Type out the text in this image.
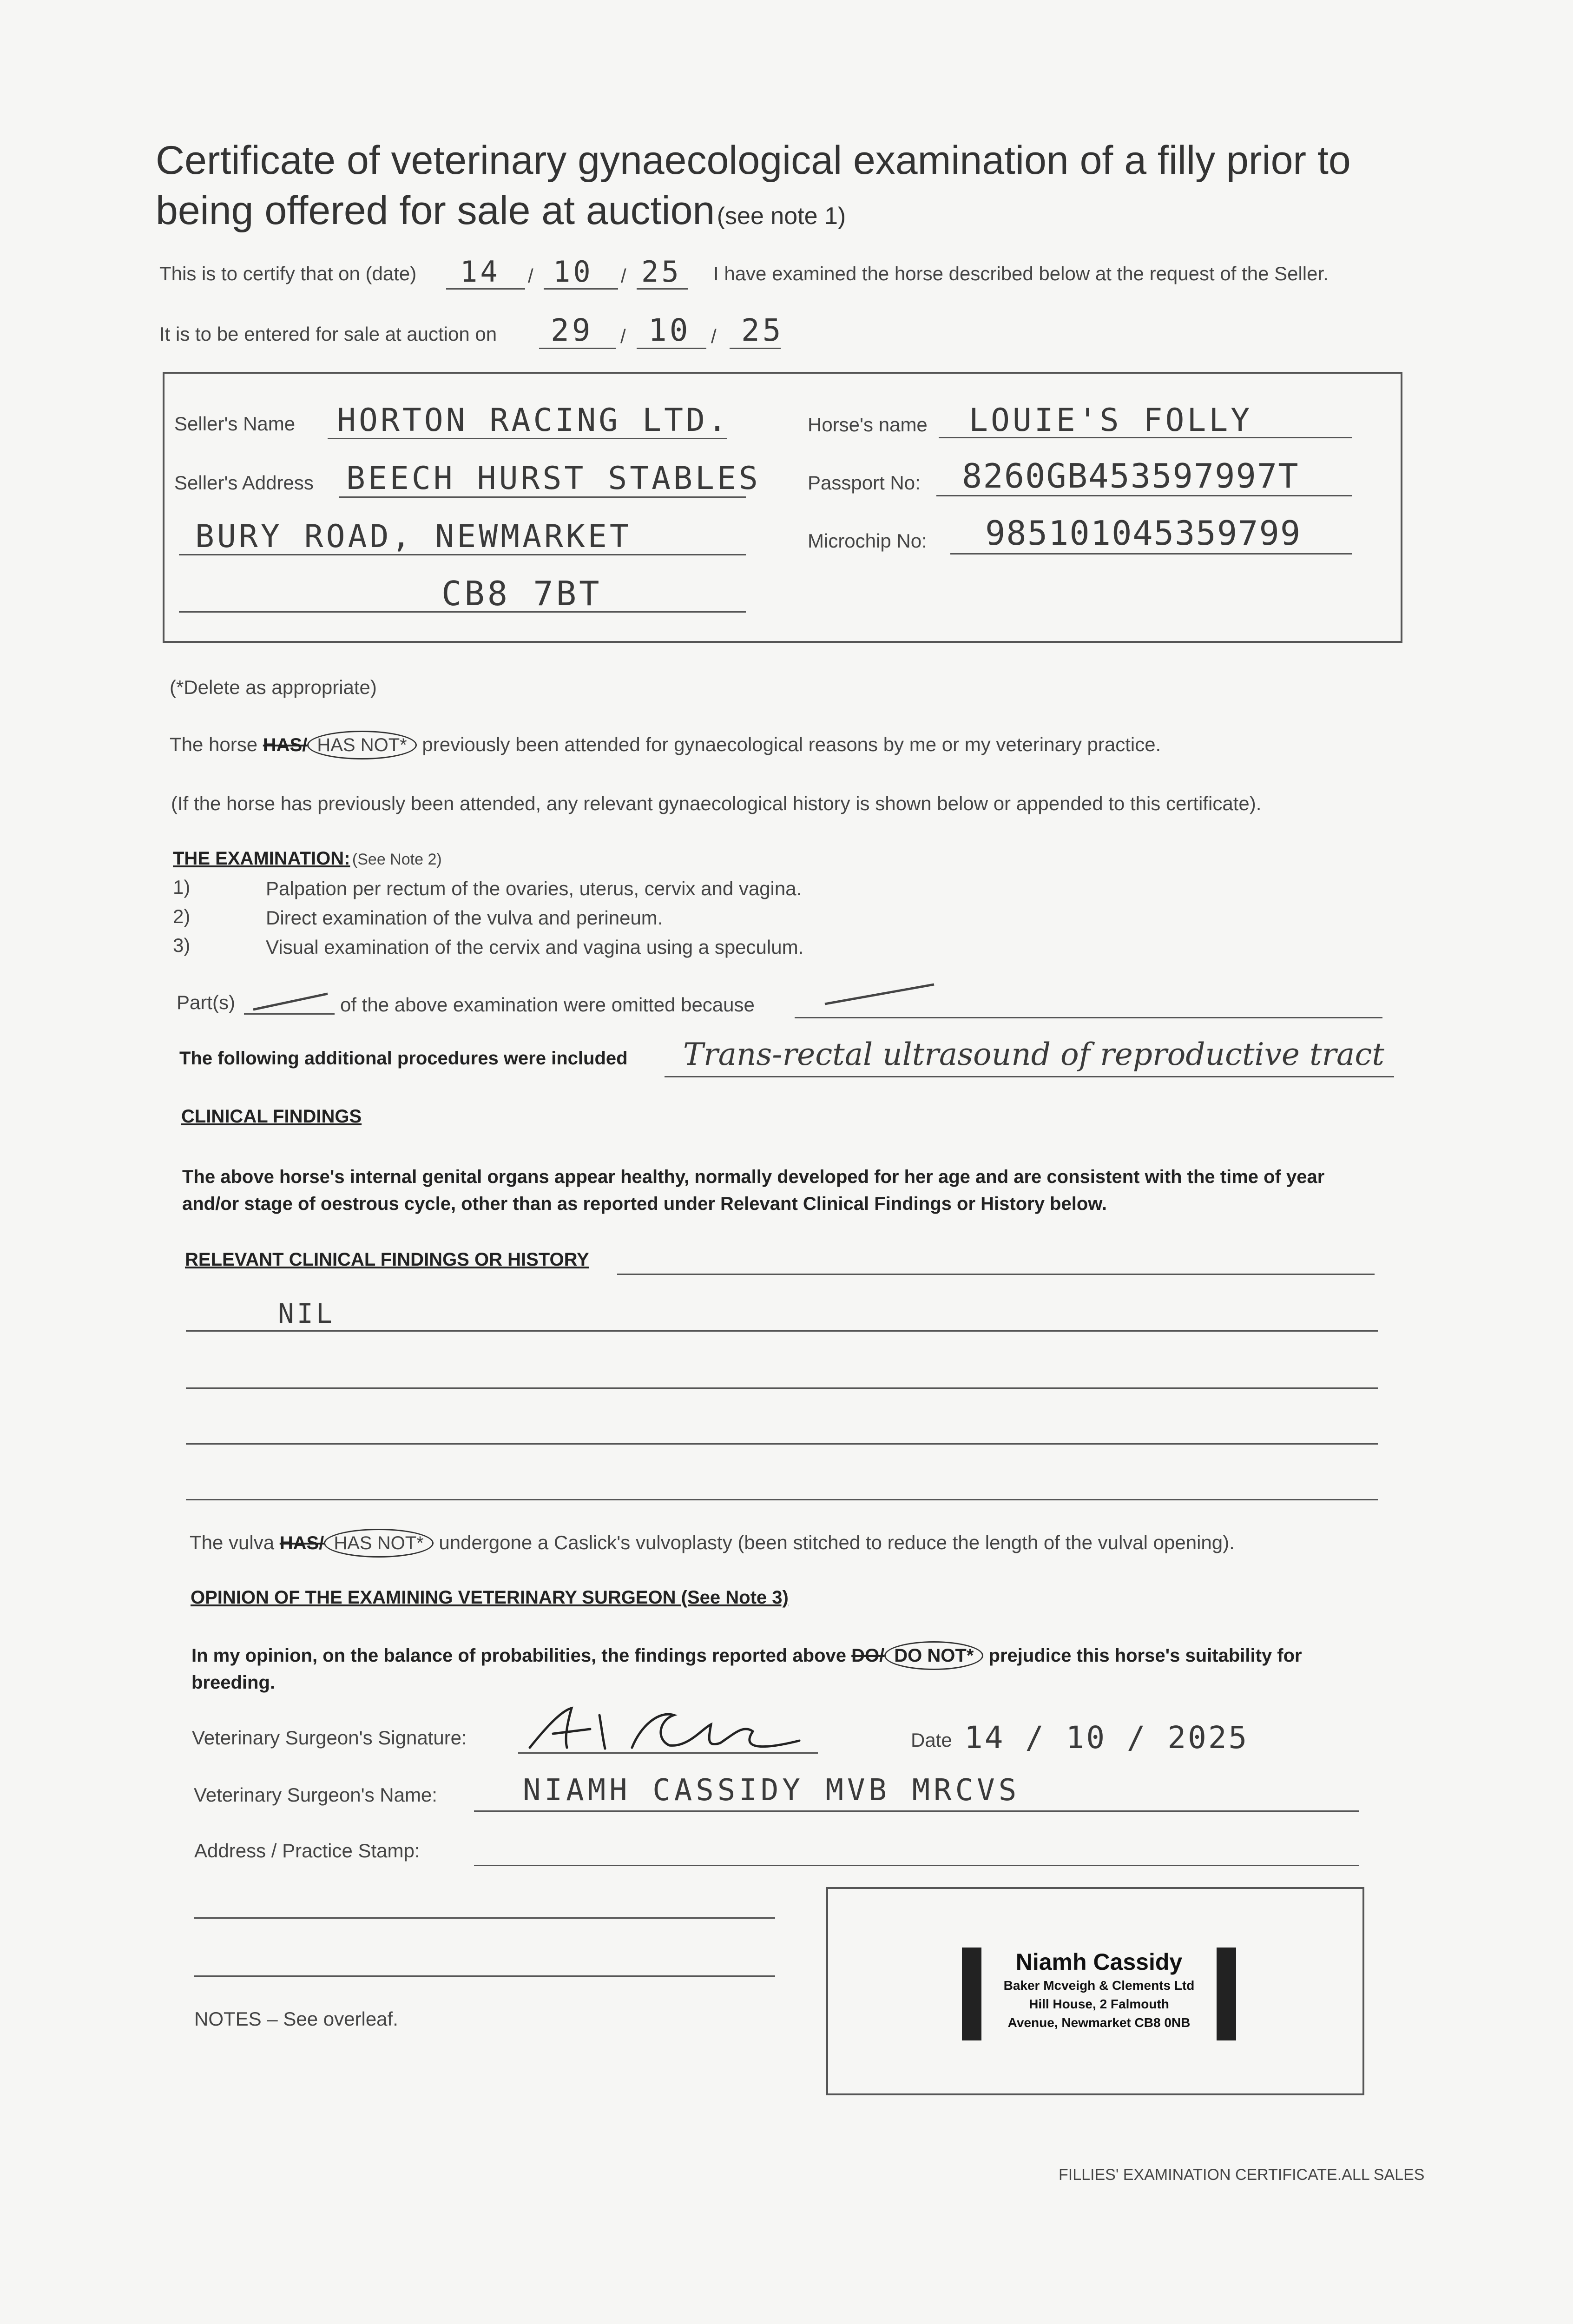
Certificate of veterinary gynaecological examination of a filly prior to
being offered for sale at auction (see note 1)
This is to certify that on (date) 14 / 10 / 25 I have examined the horse described below at the request of the Seller.
It is to be entered for sale at auction on 29 / 10 / 25
Seller's Name HORTON RACING LTD.
Seller's Address BEECH HURST STABLES
BURY ROAD, NEWMARKET
CB8 7BT
Horse's name LOUIE'S FOLLY
Passport No: 8260GB453597997T
Microchip No: 985101045359799
(*Delete as appropriate)
The horse HAS/ HAS NOT* previously been attended for gynaecological reasons by me or my veterinary practice.
(If the horse has previously been attended, any relevant gynaecological history is shown below or appended to this certificate).
THE EXAMINATION: (See Note 2)
1)	Palpation per rectum of the ovaries, uterus, cervix and vagina.
2)	Direct examination of the vulva and perineum.
3)	Visual examination of the cervix and vagina using a speculum.
Part(s)	of the above examination were omitted because
The following additional procedures were included Trans-rectal ultrasound of reproductive tract
CLINICAL FINDINGS
The above horse's internal genital organs appear healthy, normally developed for her age and are consistent with the time of year
and/or stage of oestrous cycle, other than as reported under Relevant Clinical Findings or History below.
RELEVANT CLINICAL FINDINGS OR HISTORY
NIL
The vulva HAS/ HAS NOT* undergone a Caslick's vulvoplasty (been stitched to reduce the length of the vulval opening).
OPINION OF THE EXAMINING VETERINARY SURGEON (See Note 3)
In my opinion, on the balance of probabilities, the findings reported above DO/ DO NOT* prejudice this horse's suitability for
breeding.
Veterinary Surgeon's Signature:	Date 14 / 10 / 2025
Veterinary Surgeon's Name:	NIAMH CASSIDY MVB MRCVS
Address / Practice Stamp:
Niamh Cassidy
Baker Mcveigh & Clements Ltd
Hill House, 2 Falmouth
Avenue, Newmarket CB8 0NB
NOTES – See overleaf.
FILLIES' EXAMINATION CERTIFICATE.ALL SALES
